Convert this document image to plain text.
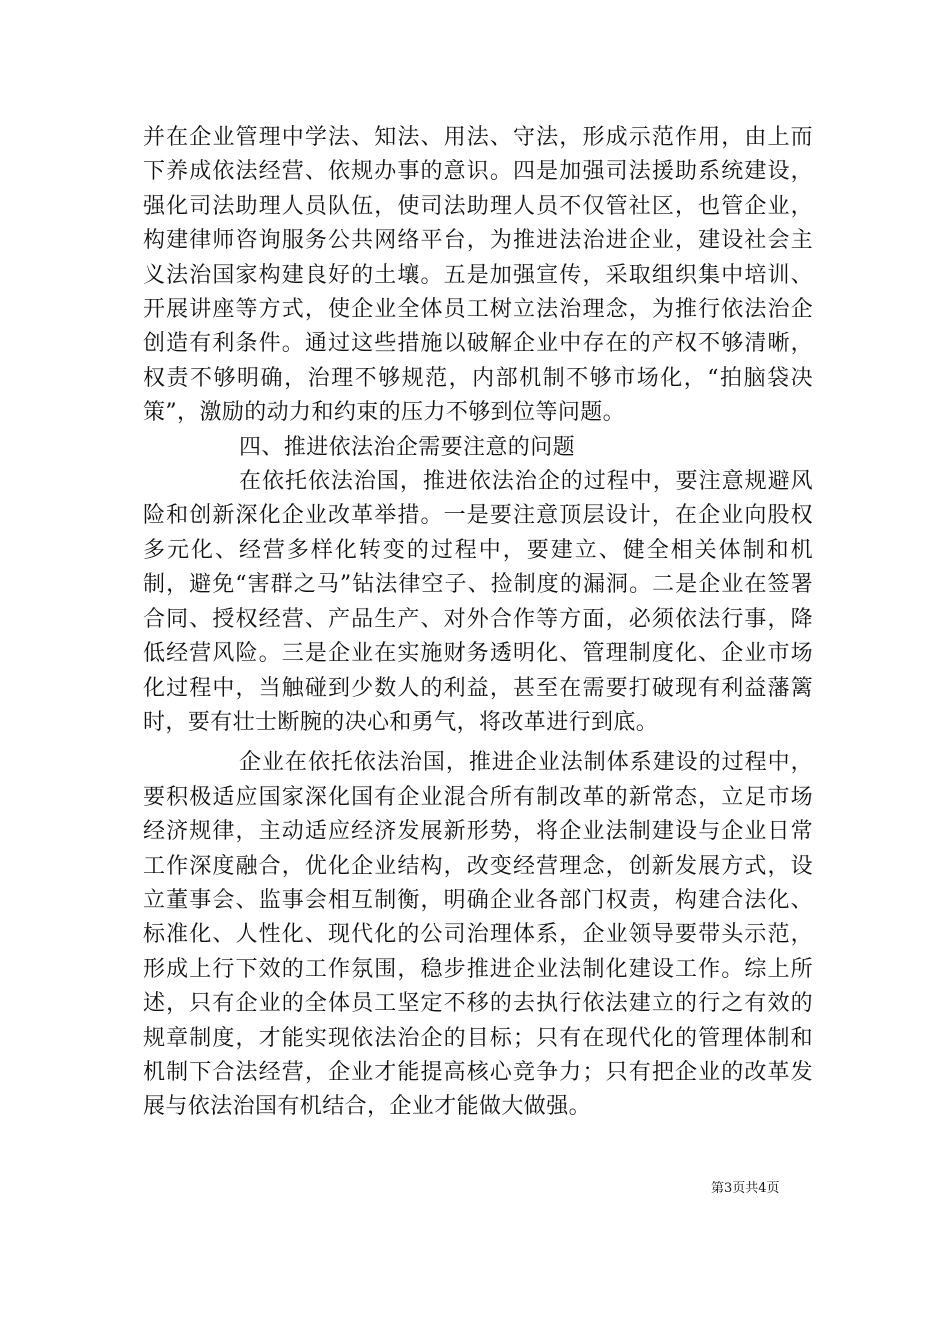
并在企业管理中学法、知法、用法、守法，形成示范作用，由上而下养成依法经营、依规办事的意识。四是加强司法援助系统建设，强化司法助理人员队伍，使司法助理人员不仅管社区，也管企业，构建律师咨询服务公共网络平台，为推进法治进企业，建设社会主义法治国家构建良好的土壤。五是加强宣传，采取组织集中培训、开展讲座等方式，使企业全体员工树立法治理念，为推行依法治企创造有利条件。通过这些措施以破解企业中存在的产权不够清晰，权责不够明确，治理不够规范，内部机制不够市场化，“拍脑袋决策”，激励的动力和约束的压力不够到位等问题。

四、推进依法治企需要注意的问题

在依托依法治国，推进依法治企的过程中，要注意规避风险和创新深化企业改革举措。一是要注意顶层设计，在企业向股权多元化、经营多样化转变的过程中，要建立、健全相关体制和机制，避免“害群之马”钻法律空子、捡制度的漏洞。二是企业在签署合同、授权经营、产品生产、对外合作等方面，必须依法行事，降低经营风险。三是企业在实施财务透明化、管理制度化、企业市场化过程中，当触碰到少数人的利益，甚至在需要打破现有利益藩篱时，要有壮士断腕的决心和勇气，将改革进行到底。

企业在依托依法治国，推进企业法制体系建设的过程中，要积极适应国家深化国有企业混合所有制改革的新常态，立足市场经济规律，主动适应经济发展新形势，将企业法制建设与企业日常工作深度融合，优化企业结构，改变经营理念，创新发展方式，设立董事会、监事会相互制衡，明确企业各部门权责，构建合法化、标准化、人性化、现代化的公司治理体系，企业领导要带头示范，形成上行下效的工作氛围，稳步推进企业法制化建设工作。综上所述，只有企业的全体员工坚定不移的去执行依法建立的行之有效的规章制度，才能实现依法治企的目标；只有在现代化的管理体制和机制下合法经营，企业才能提高核心竞争力；只有把企业的改革发展与依法治国有机结合，企业才能做大做强。

第3页共4页
